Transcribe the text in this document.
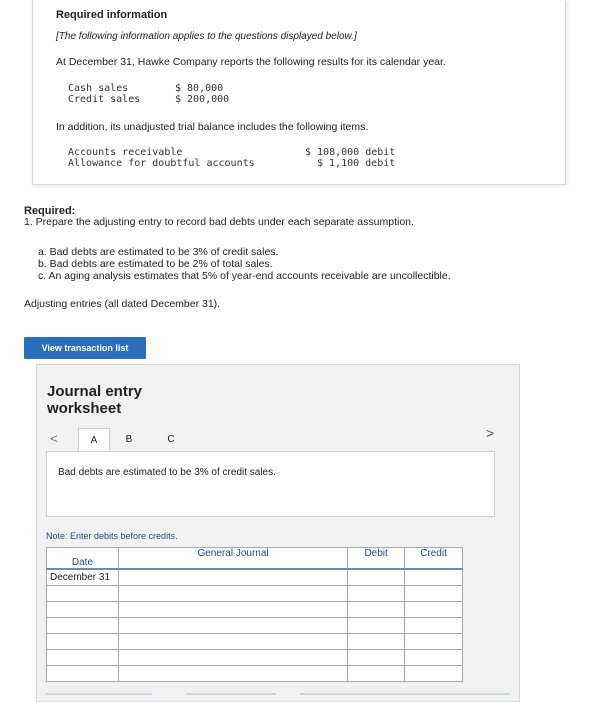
Required information
[The following information applies to the questions displayed below.]
At December 31, Hawke Company reports the following results for its calendar year.
Cash sales	$ 80,000
Credit sales	$ 200,000
In addition, its unadjusted trial balance includes the following items.
Accounts receivable	$ 108,000 debit
Allowance for doubtful accounts	$ 1,100 debit
Required:
1. Prepare the adjusting entry to record bad debts under each separate assumption.
a. Bad debts are estimated to be 3% of credit sales.
b. Bad debts are estimated to be 2% of total sales.
c. An aging analysis estimates that 5% of year-end accounts receivable are uncollectible.
Adjusting entries (all dated December 31).
View transaction list
Journal entry
worksheet
<	A	B	C	>
Bad debts are estimated to be 3% of credit sales.
Note: Enter debits before credits.
Date	General Journal	Debit	Credit
December 31			
